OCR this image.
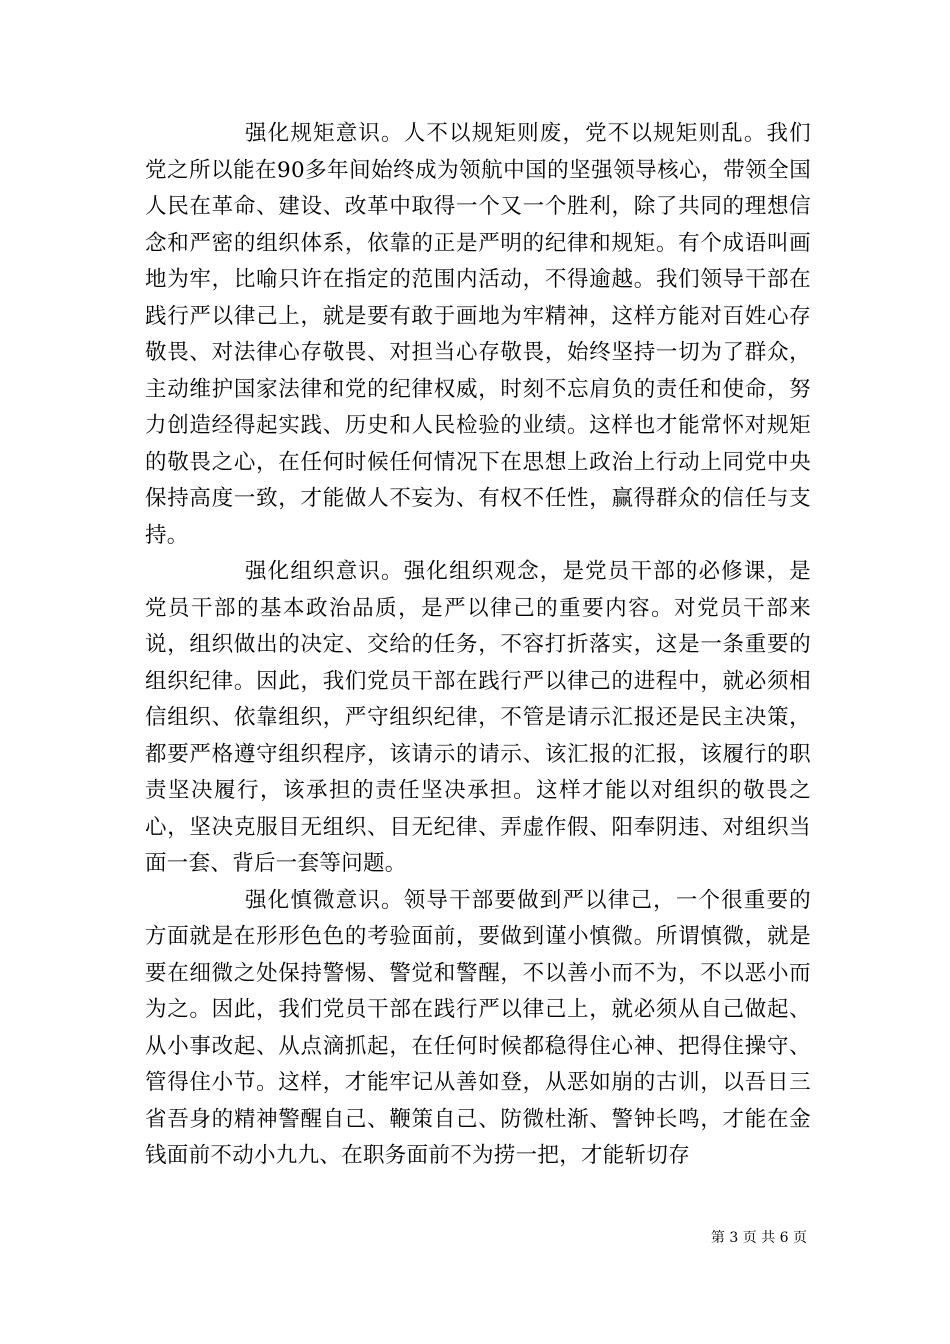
强化规矩意识。人不以规矩则废，党不以规矩则乱。我们党之所以能在90多年间始终成为领航中国的坚强领导核心，带领全国人民在革命、建设、改革中取得一个又一个胜利，除了共同的理想信念和严密的组织体系，依靠的正是严明的纪律和规矩。有个成语叫画地为牢，比喻只许在指定的范围内活动，不得逾越。我们领导干部在践行严以律己上，就是要有敢于画地为牢精神，这样方能对百姓心存敬畏、对法律心存敬畏、对担当心存敬畏，始终坚持一切为了群众，主动维护国家法律和党的纪律权威，时刻不忘肩负的责任和使命，努力创造经得起实践、历史和人民检验的业绩。这样也才能常怀对规矩的敬畏之心，在任何时候任何情况下在思想上政治上行动上同党中央保持高度一致，才能做人不妄为、有权不任性，赢得群众的信任与支持。

强化组织意识。强化组织观念，是党员干部的必修课，是党员干部的基本政治品质，是严以律己的重要内容。对党员干部来说，组织做出的决定、交给的任务，不容打折落实，这是一条重要的组织纪律。因此，我们党员干部在践行严以律己的进程中，就必须相信组织、依靠组织，严守组织纪律，不管是请示汇报还是民主决策，都要严格遵守组织程序，该请示的请示、该汇报的汇报，该履行的职责坚决履行，该承担的责任坚决承担。这样才能以对组织的敬畏之心，坚决克服目无组织、目无纪律、弄虚作假、阳奉阴违、对组织当面一套、背后一套等问题。

强化慎微意识。领导干部要做到严以律己，一个很重要的方面就是在形形色色的考验面前，要做到谨小慎微。所谓慎微，就是要在细微之处保持警惕、警觉和警醒，不以善小而不为，不以恶小而为之。因此，我们党员干部在践行严以律己上，就必须从自己做起、从小事改起、从点滴抓起，在任何时候都稳得住心神、把得住操守、管得住小节。这样，才能牢记从善如登，从恶如崩的古训，以吾日三省吾身的精神警醒自己、鞭策自己、防微杜渐、警钟长鸣，才能在金钱面前不动小九九、在职务面前不为捞一把，才能斩切存

第 3 页 共 6 页
